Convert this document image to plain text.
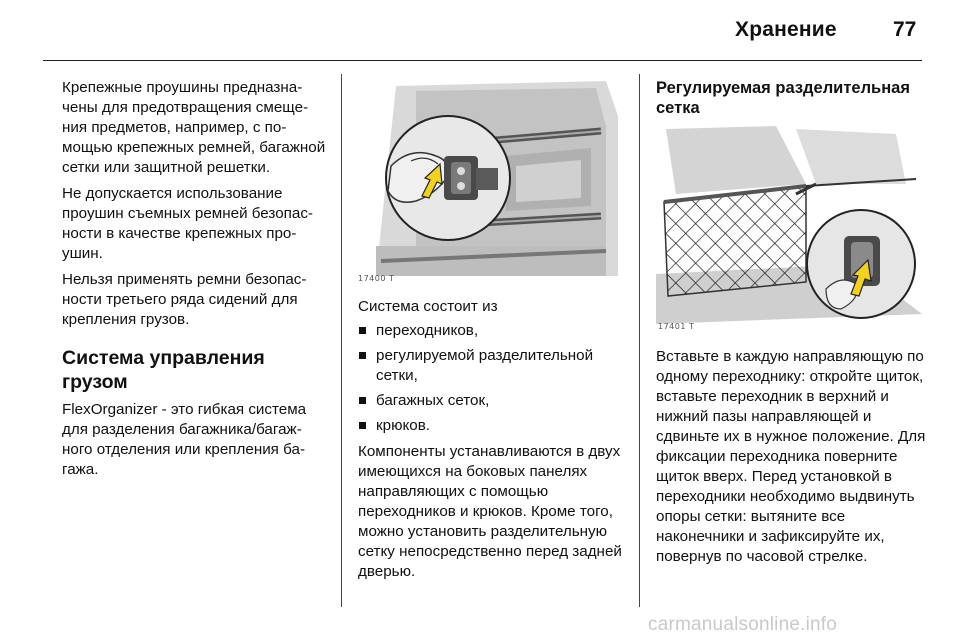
Хранение	77

Крепежные проушины предназначены для предотвращения смещения предметов, например, с помощью крепежных ремней, багажной сетки или защитной решетки.

Не допускается использование проушин съемных ремней безопасности в качестве крепежных проушин.

Нельзя применять ремни безопасности третьего ряда сидений для крепления грузов.

Система управления грузом

FlexOrganizer - это гибкая система для разделения багажника/багажного отделения или крепления багажа.

17400 T

Система состоит из

переходников,
регулируемой разделительной сетки,
багажных сеток,
крюков.

Компоненты устанавливаются в двух имеющихся на боковых панелях направляющих с помощью переходников и крюков. Кроме того, можно установить разделительную сетку непосредственно перед задней дверью.

Регулируемая разделительная сетка
17401 T

Вставьте в каждую направляющую по одному переходнику: откройте щиток, вставьте переходник в верхний и нижний пазы направляющей и сдвиньте их в нужное положение. Для фиксации переходника поверните щиток вверх. Перед установкой в переходники необходимо выдвинуть опоры сетки: вытяните все наконечники и зафиксируйте их, повернув по часовой стрелке.

carmanualsonline.info
